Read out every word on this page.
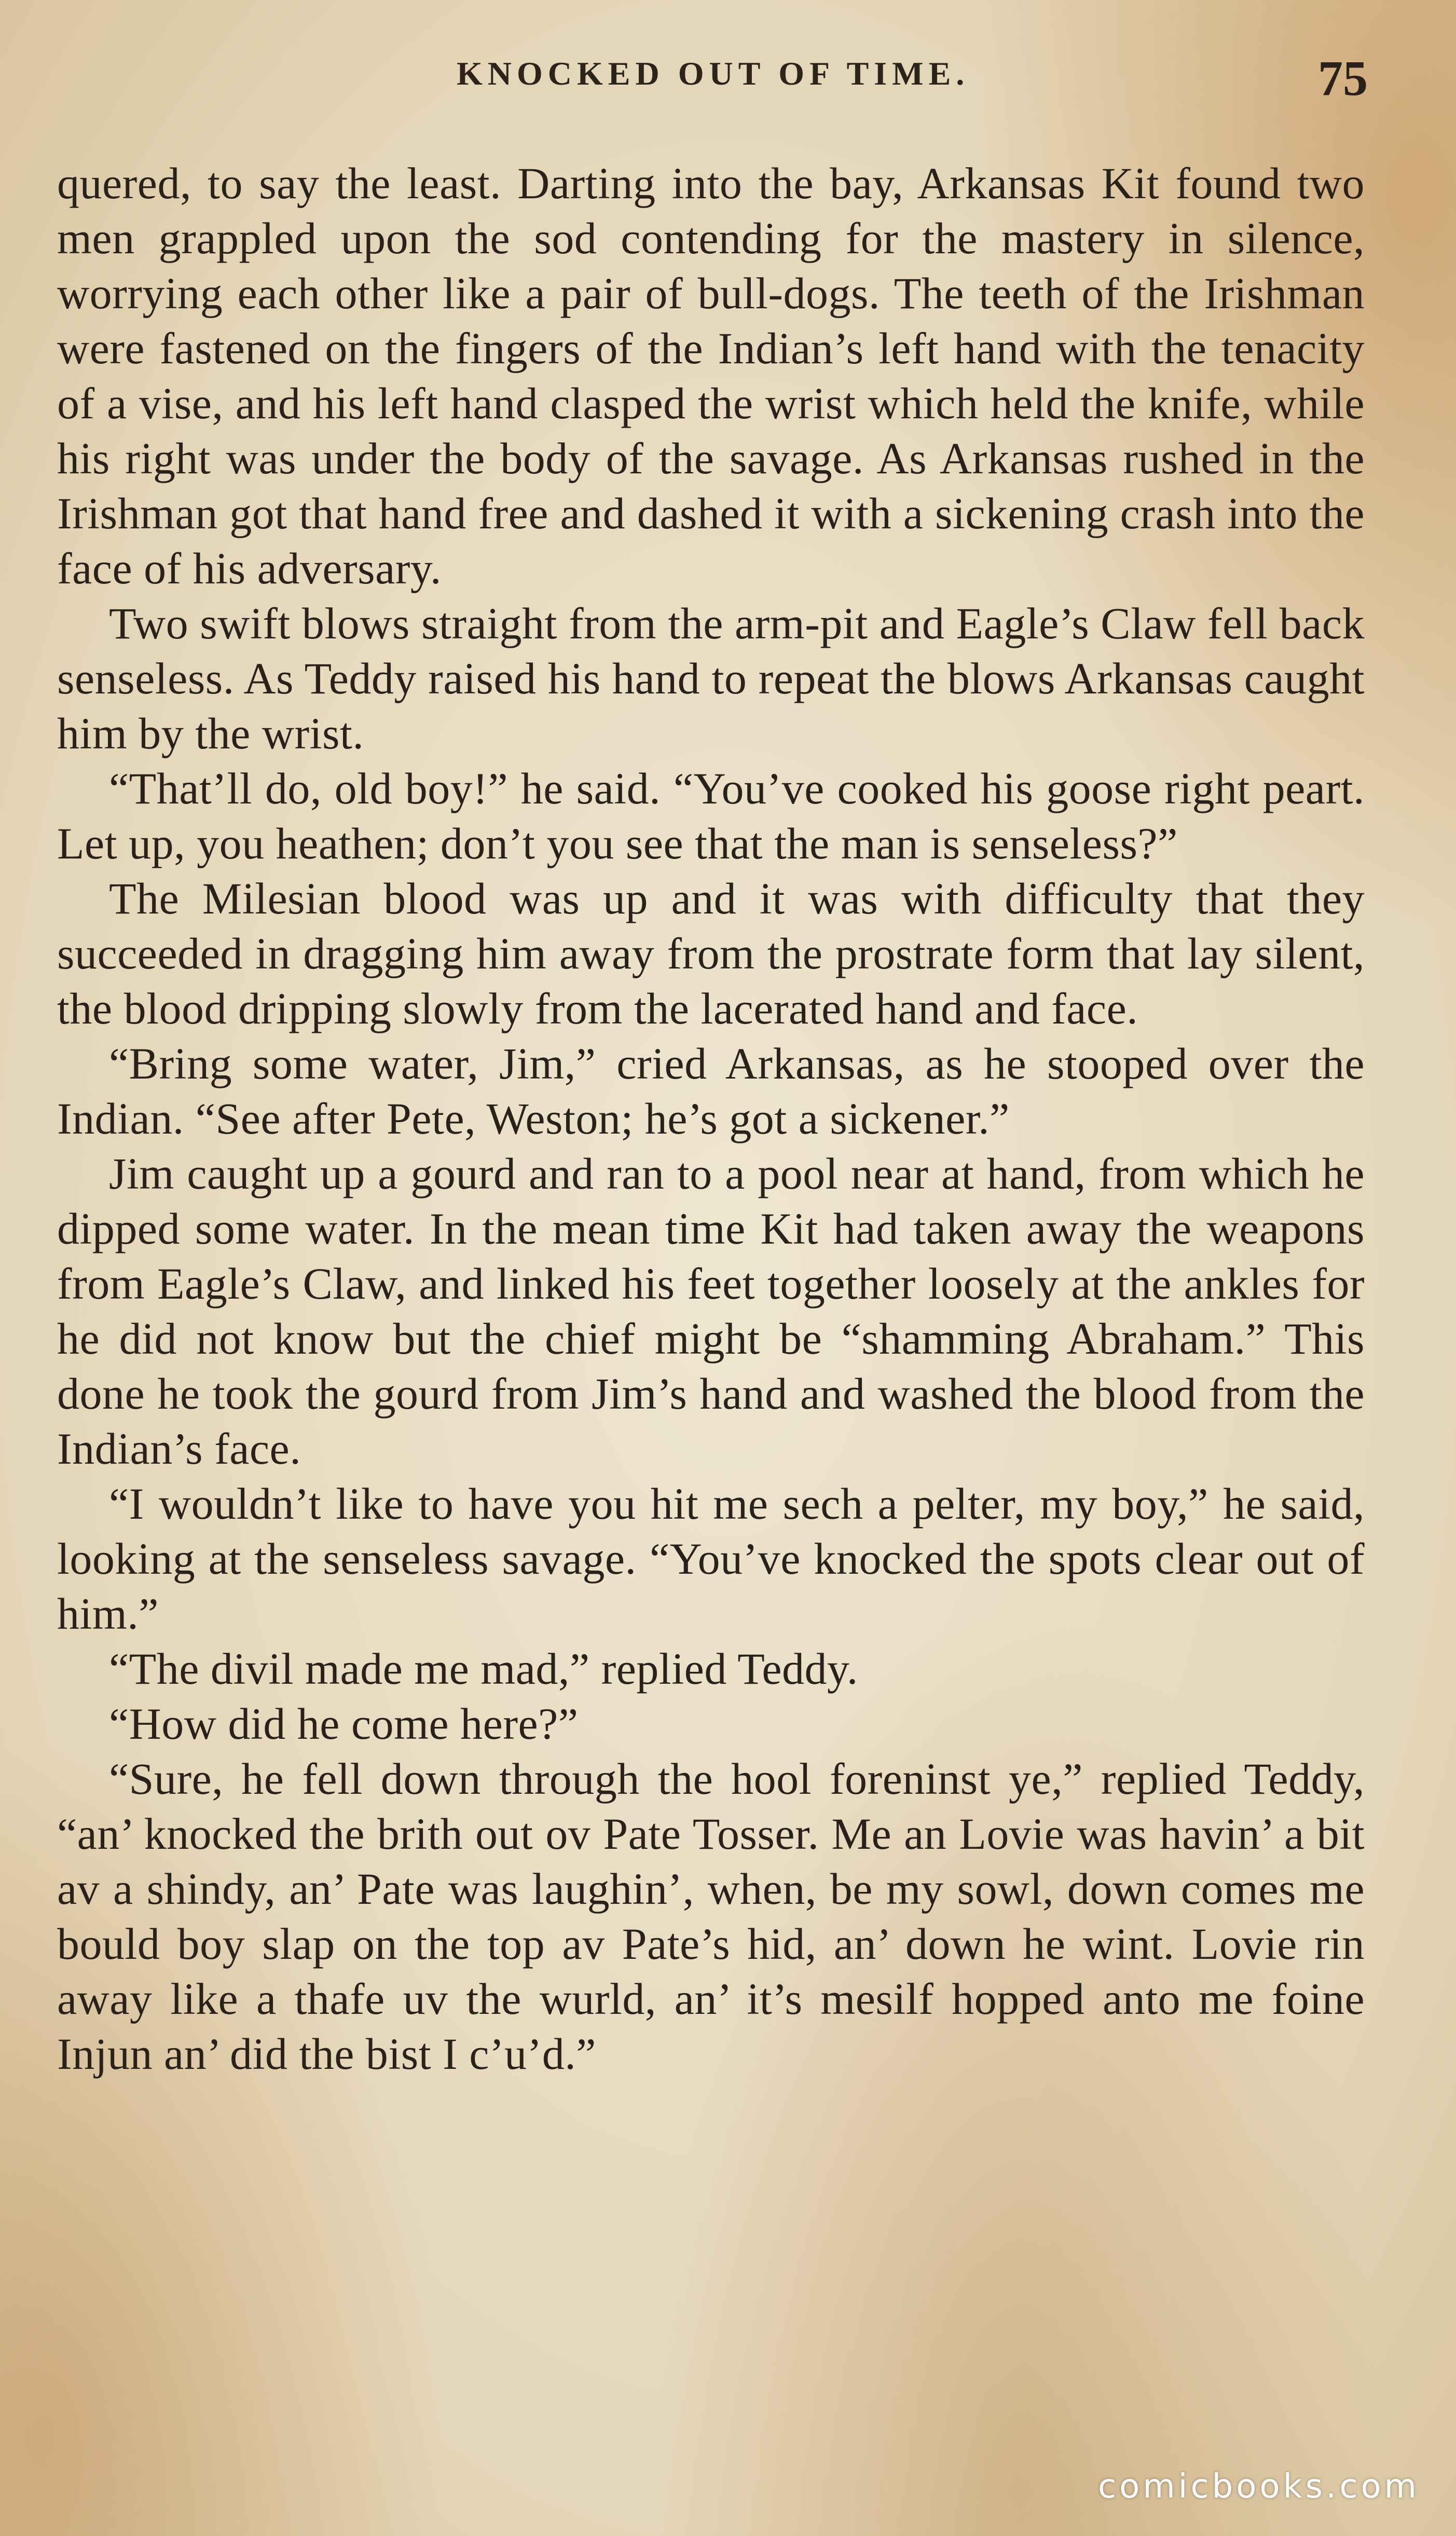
KNOCKED OUT OF TIME.	75

quered, to say the least. Darting into the bay, Arkansas Kit found two men grappled upon the sod contending for the mastery in silence, worrying each other like a pair of bull-dogs. The teeth of the Irishman were fastened on the fingers of the Indian’s left hand with the tenacity of a vise, and his left hand clasped the wrist which held the knife, while his right was under the body of the savage. As Arkansas rushed in the Irishman got that hand free and dashed it with a sickening crash into the face of his adversary.

Two swift blows straight from the arm-pit and Eagle’s Claw fell back senseless. As Teddy raised his hand to repeat the blows Arkansas caught him by the wrist.

“That’ll do, old boy!” he said. “You’ve cooked his goose right peart. Let up, you heathen; don’t you see that the man is senseless?”

The Milesian blood was up and it was with difficulty that they succeeded in dragging him away from the prostrate form that lay silent, the blood dripping slowly from the lacerated hand and face.

“Bring some water, Jim,” cried Arkansas, as he stooped over the Indian. “See after Pete, Weston; he’s got a sickener.”

Jim caught up a gourd and ran to a pool near at hand, from which he dipped some water. In the mean time Kit had taken away the weapons from Eagle’s Claw, and linked his feet together loosely at the ankles for he did not know but the chief might be “shamming Abraham.” This done he took the gourd from Jim’s hand and washed the blood from the Indian’s face.

“I wouldn’t like to have you hit me sech a pelter, my boy,” he said, looking at the senseless savage. “You’ve knocked the spots clear out of him.”

“The divil made me mad,” replied Teddy.

“How did he come here?”

“Sure, he fell down through the hool foreninst ye,” replied Teddy, “an’ knocked the brith out ov Pate Tosser. Me an Lovie was havin’ a bit av a shindy, an’ Pate was laughin’, when, be my sowl, down comes me bould boy slap on the top av Pate’s hid, an’ down he wint. Lovie rin away like a thafe uv the wurld, an’ it’s mesilf hopped anto me foine Injun an’ did the bist I c’u’d.”

comicbooks.com
